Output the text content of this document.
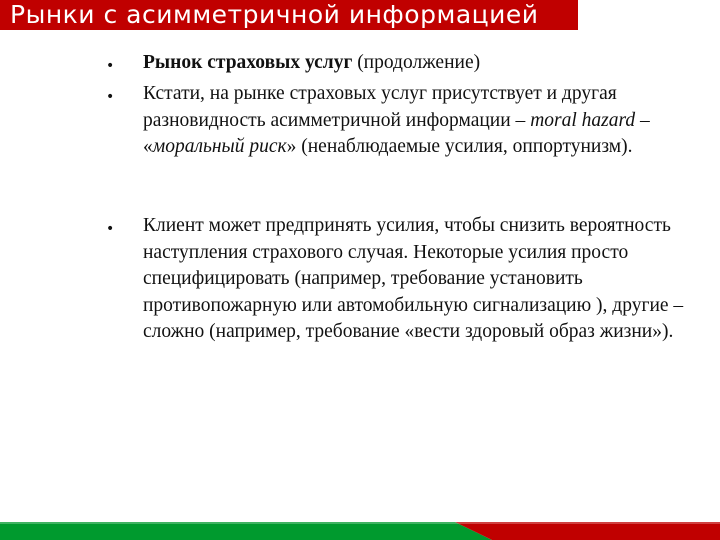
Рынки с асимметричной информацией
• Рынок страховых услуг (продолжение)
• Кстати, на рынке страховых услуг присутствует и другая разновидность асимметричной информации – moral hazard – «моральный риск» (ненаблюдаемые усилия, оппортунизм).
• Клиент может предпринять усилия, чтобы снизить вероятность наступления страхового случая. Некоторые усилия просто специфицировать (например, требование установить противопожарную или автомобильную сигнализацию ), другие – сложно (например, требование «вести здоровый образ жизни»).
